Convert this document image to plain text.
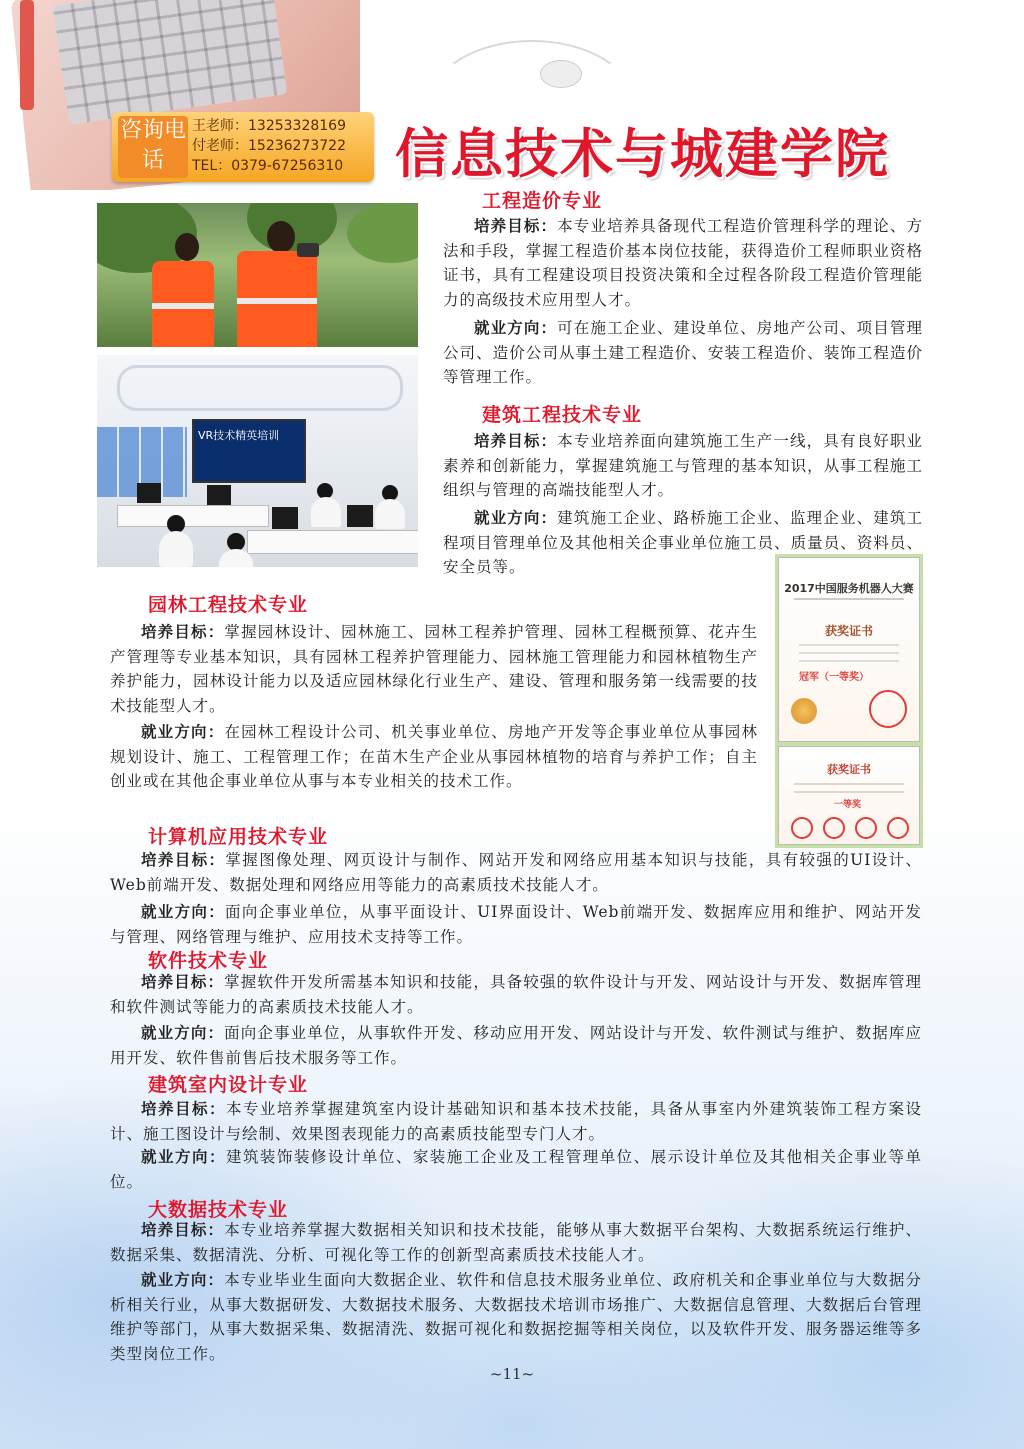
咨询电话
王老师：13253328169
付老师：15236273722
TEL：0379-67256310 信息技术与城建学院
VR技术精英培训
2017中国服务机器人大赛
获奖证书
冠军（一等奖）
获奖证书
一等奖
工程造价专业
培养目标：本专业培养具备现代工程造价管理科学的理论、方法和手段，掌握工程造价基本岗位技能，获得造价工程师职业资格证书，具有工程建设项目投资决策和全过程各阶段工程造价管理能力的高级技术应用型人才。
就业方向：可在施工企业、建设单位、房地产公司、项目管理公司、造价公司从事土建工程造价、安装工程造价、装饰工程造价等管理工作。
建筑工程技术专业
培养目标：本专业培养面向建筑施工生产一线，具有良好职业素养和创新能力，掌握建筑施工与管理的基本知识，从事工程施工组织与管理的高端技能型人才。
就业方向：建筑施工企业、路桥施工企业、监理企业、建筑工程项目管理单位及其他相关企事业单位施工员、质量员、资料员、安全员等。
园林工程技术专业
培养目标：掌握园林设计、园林施工、园林工程养护管理、园林工程概预算、花卉生产管理等专业基本知识，具有园林工程养护管理能力、园林施工管理能力和园林植物生产养护能力，园林设计能力以及适应园林绿化行业生产、建设、管理和服务第一线需要的技术技能型人才。
就业方向：在园林工程设计公司、机关事业单位、房地产开发等企事业单位从事园林规划设计、施工、工程管理工作；在苗木生产企业从事园林植物的培育与养护工作；自主创业或在其他企事业单位从事与本专业相关的技术工作。
计算机应用技术专业
培养目标：掌握图像处理、网页设计与制作、网站开发和网络应用基本知识与技能，具有较强的UI设计、Web前端开发、数据处理和网络应用等能力的高素质技术技能人才。
就业方向：面向企事业单位，从事平面设计、UI界面设计、Web前端开发、数据库应用和维护、网站开发与管理、网络管理与维护、应用技术支持等工作。
软件技术专业
培养目标：掌握软件开发所需基本知识和技能，具备较强的软件设计与开发、网站设计与开发、数据库管理和软件测试等能力的高素质技术技能人才。
就业方向：面向企事业单位，从事软件开发、移动应用开发、网站设计与开发、软件测试与维护、数据库应用开发、软件售前售后技术服务等工作。
建筑室内设计专业
培养目标：本专业培养掌握建筑室内设计基础知识和基本技术技能，具备从事室内外建筑装饰工程方案设计、施工图设计与绘制、效果图表现能力的高素质技能型专门人才。
就业方向：建筑装饰装修设计单位、家装施工企业及工程管理单位、展示设计单位及其他相关企事业等单位。
大数据技术专业
培养目标：本专业培养掌握大数据相关知识和技术技能，能够从事大数据平台架构、大数据系统运行维护、数据采集、数据清洗、分析、可视化等工作的创新型高素质技术技能人才。
就业方向：本专业毕业生面向大数据企业、软件和信息技术服务业单位、政府机关和企事业单位与大数据分析相关行业，从事大数据研发、大数据技术服务、大数据技术培训市场推广、大数据信息管理、大数据后台管理维护等部门，从事大数据采集、数据清洗、数据可视化和数据挖掘等相关岗位，以及软件开发、服务器运维等多类型岗位工作。
~11~
